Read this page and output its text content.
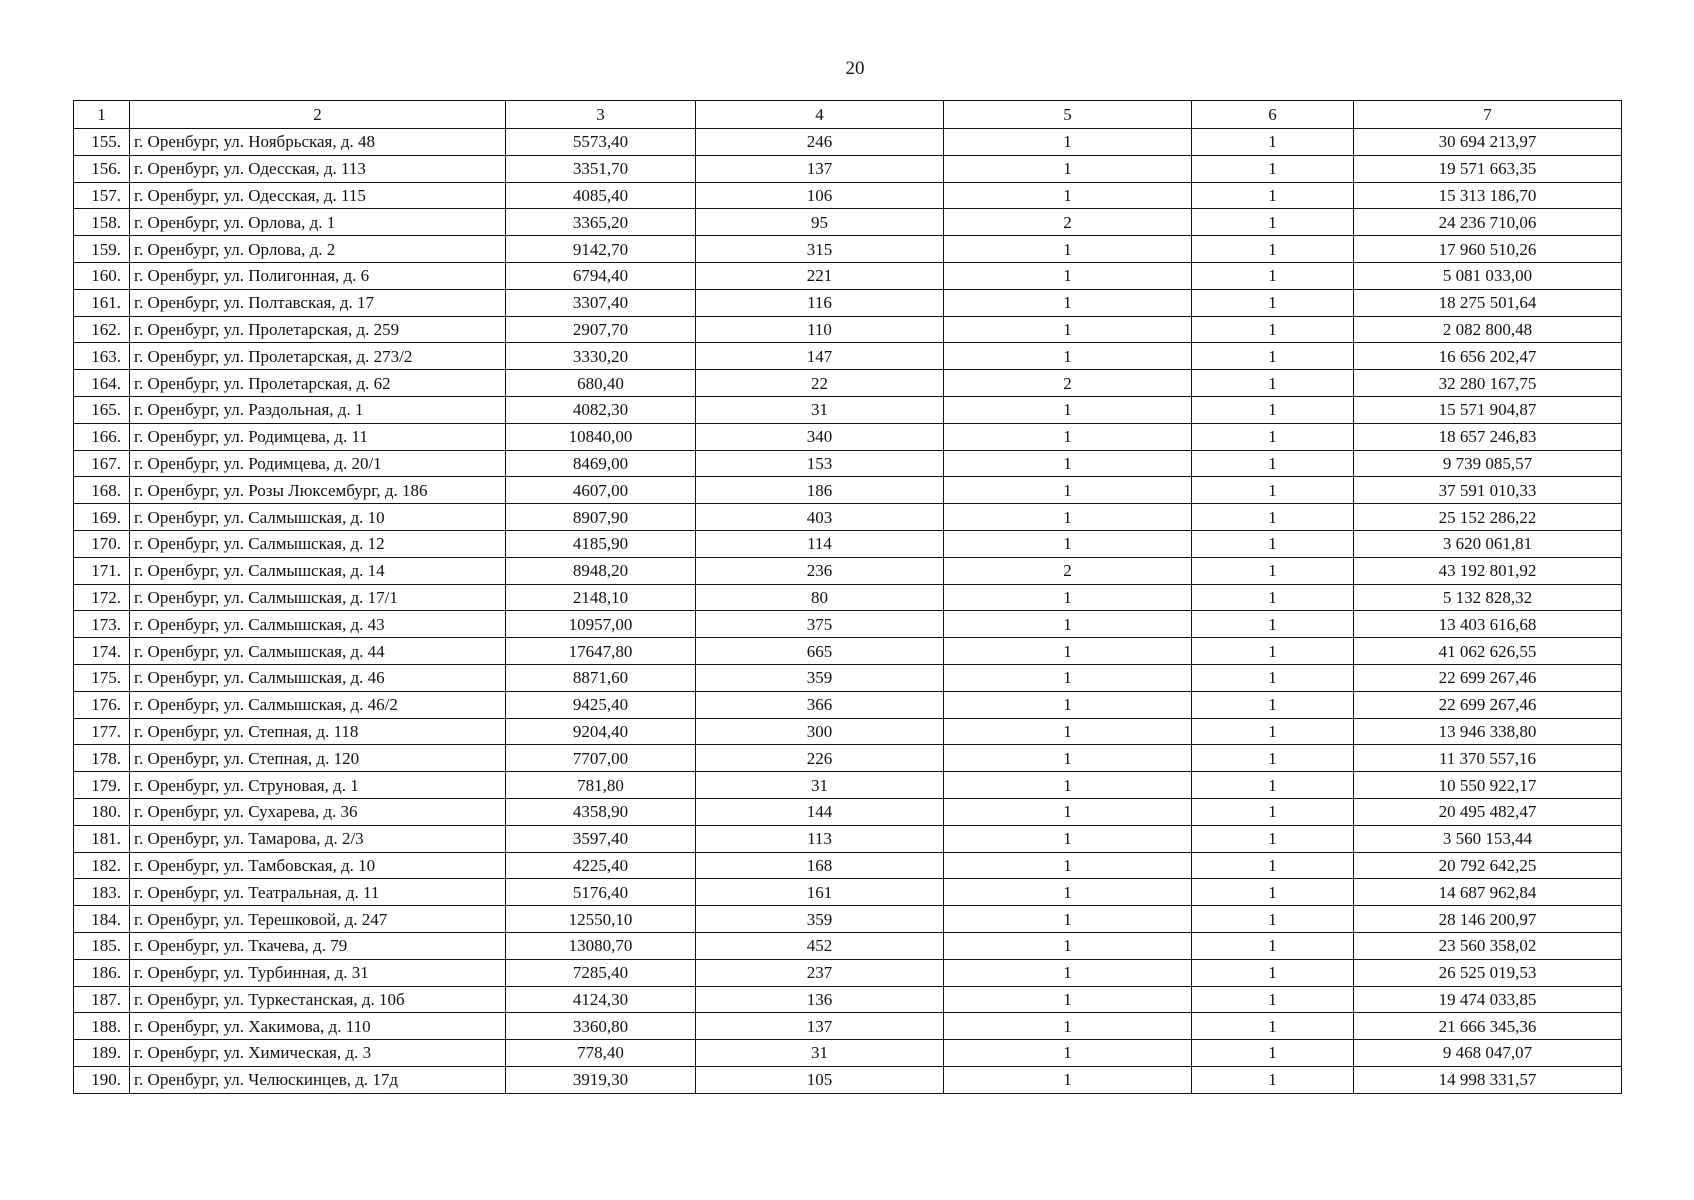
20
1	2	3	4	5	6	7
155.	г. Оренбург, ул. Ноябрьская, д. 48	5573,40	246	1	1	30 694 213,97
156.	г. Оренбург, ул. Одесская, д. 113	3351,70	137	1	1	19 571 663,35
157.	г. Оренбург, ул. Одесская, д. 115	4085,40	106	1	1	15 313 186,70
158.	г. Оренбург, ул. Орлова, д. 1	3365,20	95	2	1	24 236 710,06
159.	г. Оренбург, ул. Орлова, д. 2	9142,70	315	1	1	17 960 510,26
160.	г. Оренбург, ул. Полигонная, д. 6	6794,40	221	1	1	5 081 033,00
161.	г. Оренбург, ул. Полтавская, д. 17	3307,40	116	1	1	18 275 501,64
162.	г. Оренбург, ул. Пролетарская, д. 259	2907,70	110	1	1	2 082 800,48
163.	г. Оренбург, ул. Пролетарская, д. 273/2	3330,20	147	1	1	16 656 202,47
164.	г. Оренбург, ул. Пролетарская, д. 62	680,40	22	2	1	32 280 167,75
165.	г. Оренбург, ул. Раздольная, д. 1	4082,30	31	1	1	15 571 904,87
166.	г. Оренбург, ул. Родимцева, д. 11	10840,00	340	1	1	18 657 246,83
167.	г. Оренбург, ул. Родимцева, д. 20/1	8469,00	153	1	1	9 739 085,57
168.	г. Оренбург, ул. Розы Люксембург, д. 186	4607,00	186	1	1	37 591 010,33
169.	г. Оренбург, ул. Салмышская, д. 10	8907,90	403	1	1	25 152 286,22
170.	г. Оренбург, ул. Салмышская, д. 12	4185,90	114	1	1	3 620 061,81
171.	г. Оренбург, ул. Салмышская, д. 14	8948,20	236	2	1	43 192 801,92
172.	г. Оренбург, ул. Салмышская, д. 17/1	2148,10	80	1	1	5 132 828,32
173.	г. Оренбург, ул. Салмышская, д. 43	10957,00	375	1	1	13 403 616,68
174.	г. Оренбург, ул. Салмышская, д. 44	17647,80	665	1	1	41 062 626,55
175.	г. Оренбург, ул. Салмышская, д. 46	8871,60	359	1	1	22 699 267,46
176.	г. Оренбург, ул. Салмышская, д. 46/2	9425,40	366	1	1	22 699 267,46
177.	г. Оренбург, ул. Степная, д. 118	9204,40	300	1	1	13 946 338,80
178.	г. Оренбург, ул. Степная, д. 120	7707,00	226	1	1	11 370 557,16
179.	г. Оренбург, ул. Струновая, д. 1	781,80	31	1	1	10 550 922,17
180.	г. Оренбург, ул. Сухарева, д. 36	4358,90	144	1	1	20 495 482,47
181.	г. Оренбург, ул. Тамарова, д. 2/3	3597,40	113	1	1	3 560 153,44
182.	г. Оренбург, ул. Тамбовская, д. 10	4225,40	168	1	1	20 792 642,25
183.	г. Оренбург, ул. Театральная, д. 11	5176,40	161	1	1	14 687 962,84
184.	г. Оренбург, ул. Терешковой, д. 247	12550,10	359	1	1	28 146 200,97
185.	г. Оренбург, ул. Ткачева, д. 79	13080,70	452	1	1	23 560 358,02
186.	г. Оренбург, ул. Турбинная, д. 31	7285,40	237	1	1	26 525 019,53
187.	г. Оренбург, ул. Туркестанская, д. 10б	4124,30	136	1	1	19 474 033,85
188.	г. Оренбург, ул. Хакимова, д. 110	3360,80	137	1	1	21 666 345,36
189.	г. Оренбург, ул. Химическая, д. 3	778,40	31	1	1	9 468 047,07
190.	г. Оренбург, ул. Челюскинцев, д. 17д	3919,30	105	1	1	14 998 331,57
